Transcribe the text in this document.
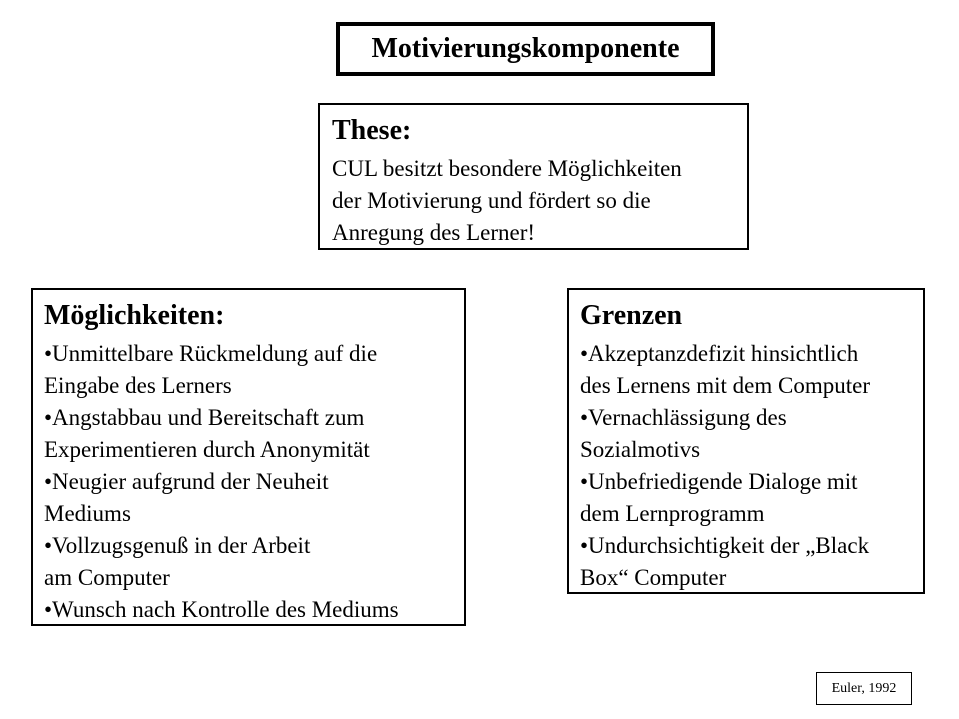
Motivierungskomponente
These:

CUL besitzt besondere Möglichkeiten
der Motivierung und fördert so die
Anregung des Lerner!

Möglichkeiten:
•Unmittelbare Rückmeldung auf die
Eingabe des Lerners
•Angstabbau und Bereitschaft zum
Experimentieren durch Anonymität
•Neugier aufgrund der Neuheit
Mediums
•Vollzugsgenuß in der Arbeit
am Computer
•Wunsch nach Kontrolle des Mediums
Grenzen
•Akzeptanzdefizit hinsichtlich
des Lernens mit dem Computer
•Vernachlässigung des
Sozialmotivs
•Unbefriedigende Dialoge mit
dem Lernprogramm
•Undurchsichtigkeit der „Black
Box“ Computer
Euler, 1992
